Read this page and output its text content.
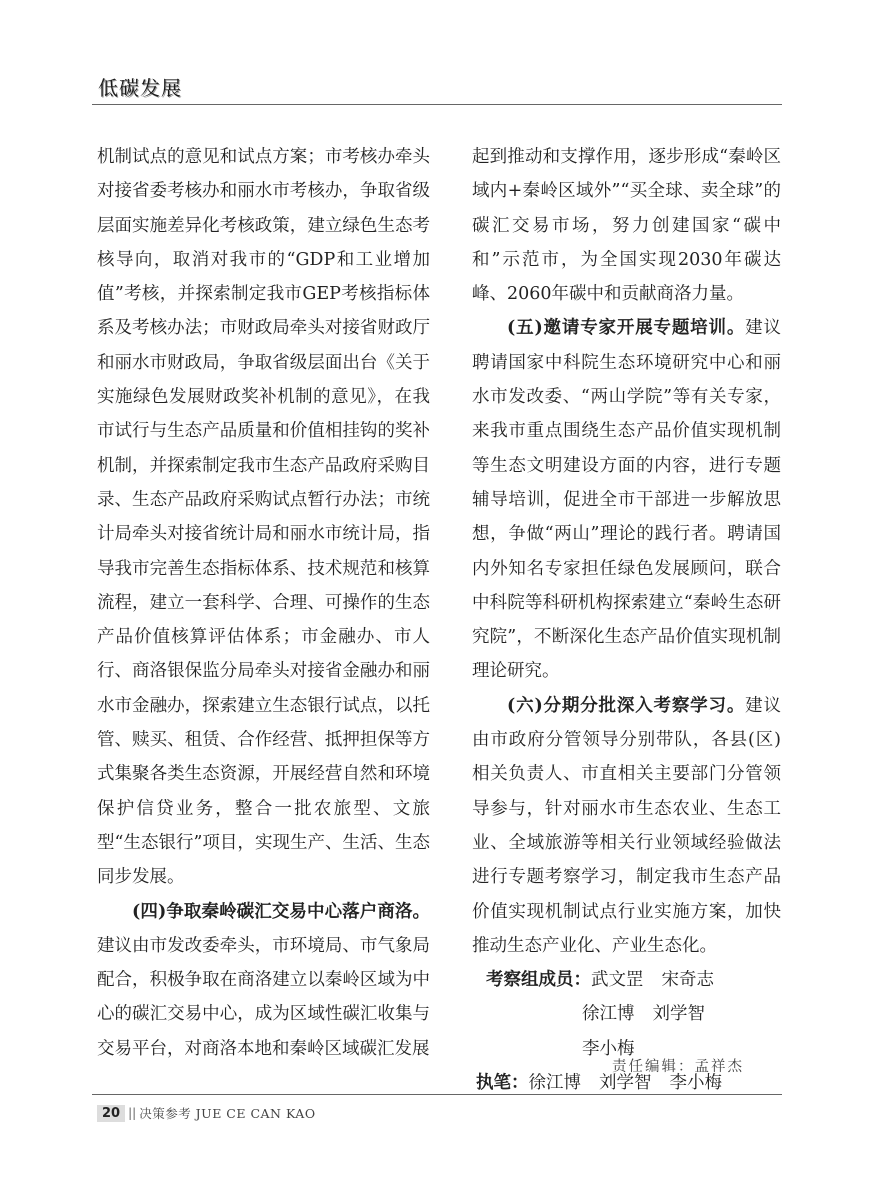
低碳发展

机制试点的意见和试点方案；市考核办牵头对接省委考核办和丽水市考核办，争取省级层面实施差异化考核政策，建立绿色生态考核导向，取消对我市的“GDP和工业增加值”考核，并探索制定我市GEP考核指标体系及考核办法；市财政局牵头对接省财政厅和丽水市财政局，争取省级层面出台《关于实施绿色发展财政奖补机制的意见》，在我市试行与生态产品质量和价值相挂钩的奖补机制，并探索制定我市生态产品政府采购目录、生态产品政府采购试点暂行办法；市统计局牵头对接省统计局和丽水市统计局，指导我市完善生态指标体系、技术规范和核算流程，建立一套科学、合理、可操作的生态产品价值核算评估体系；市金融办、市人行、商洛银保监分局牵头对接省金融办和丽水市金融办，探索建立生态银行试点，以托管、赎买、租赁、合作经营、抵押担保等方式集聚各类生态资源，开展经营自然和环境保护信贷业务，整合一批农旅型、文旅型“生态银行”项目，实现生产、生活、生态同步发展。

(四)争取秦岭碳汇交易中心落户商洛。建议由市发改委牵头，市环境局、市气象局配合，积极争取在商洛建立以秦岭区域为中心的碳汇交易中心，成为区域性碳汇收集与交易平台，对商洛本地和秦岭区域碳汇发展

起到推动和支撑作用，逐步形成“秦岭区域内+秦岭区域外”“买全球、卖全球”的碳汇交易市场，努力创建国家“碳中和”示范市，为全国实现2030年碳达峰、2060年碳中和贡献商洛力量。

(五)邀请专家开展专题培训。建议聘请国家中科院生态环境研究中心和丽水市发改委、“两山学院”等有关专家，来我市重点围绕生态产品价值实现机制等生态文明建设方面的内容，进行专题辅导培训，促进全市干部进一步解放思想，争做“两山”理论的践行者。聘请国内外知名专家担任绿色发展顾问，联合中科院等科研机构探索建立“秦岭生态研究院”，不断深化生态产品价值实现机制理论研究。

(六)分期分批深入考察学习。建议由市政府分管领导分别带队，各县(区)相关负责人、市直相关主要部门分管领导参与，针对丽水市生态农业、生态工业、全域旅游等相关行业领域经验做法进行专题考察学习，制定我市生态产品价值实现机制试点行业实施方案，加快推动生态产业化、产业生态化。

考察组成员： 武文罡 宋奇志
徐江博 刘学智
李小梅
执笔： 徐江博 刘学智 李小梅
责任编辑：孟祥杰
20 || 决策参考 JUE CE CAN KAO
